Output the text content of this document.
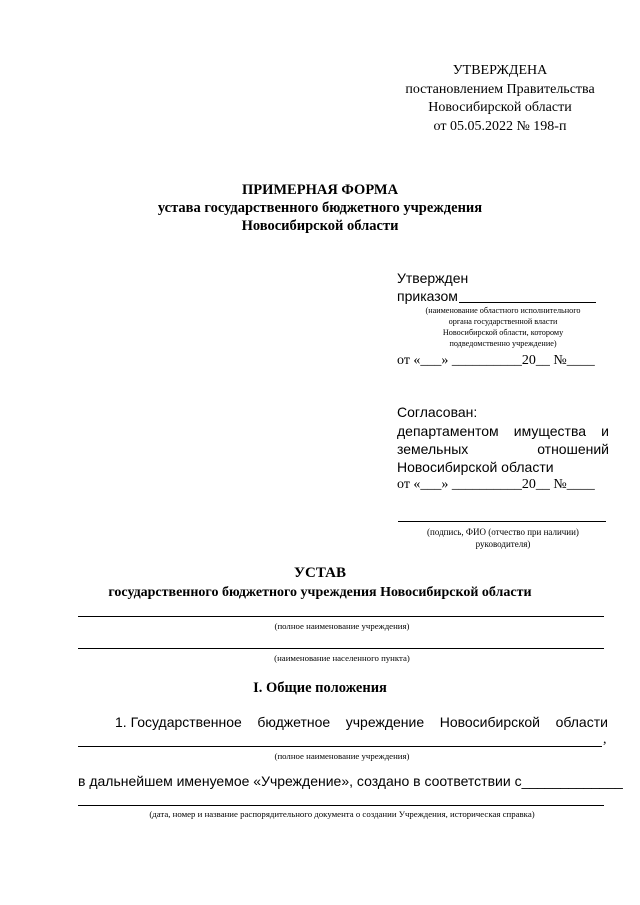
УТВЕРЖДЕНА
постановлением Правительства
Новосибирской области
от 05.05.2022 № 198-п
ПРИМЕРНАЯ ФОРМА
устава государственного бюджетного учреждения
Новосибирской области
Утвержден
приказом
(наименование областного исполнительного
органа государственной власти
Новосибирской области, которому
подведомственно учреждение)
от «___» __________20__ №____
Согласован:
департаментом имущества и
земельных	отношений
Новосибирской области
от «___» __________20__ №____
(подпись, ФИО (отчество при наличии)
руководителя)
УСТАВ
государственного бюджетного учреждения Новосибирской области
(полное наименование учреждения)
(наименование населенного пункта)
I. Общие положения
1. Государственное бюджетное учреждение Новосибирской области
,
(полное наименование учреждения)
в дальнейшем именуемое «Учреждение», создано в соответствии с_____________
(дата, номер и название распорядительного документа о создании Учреждения, историческая справка)
